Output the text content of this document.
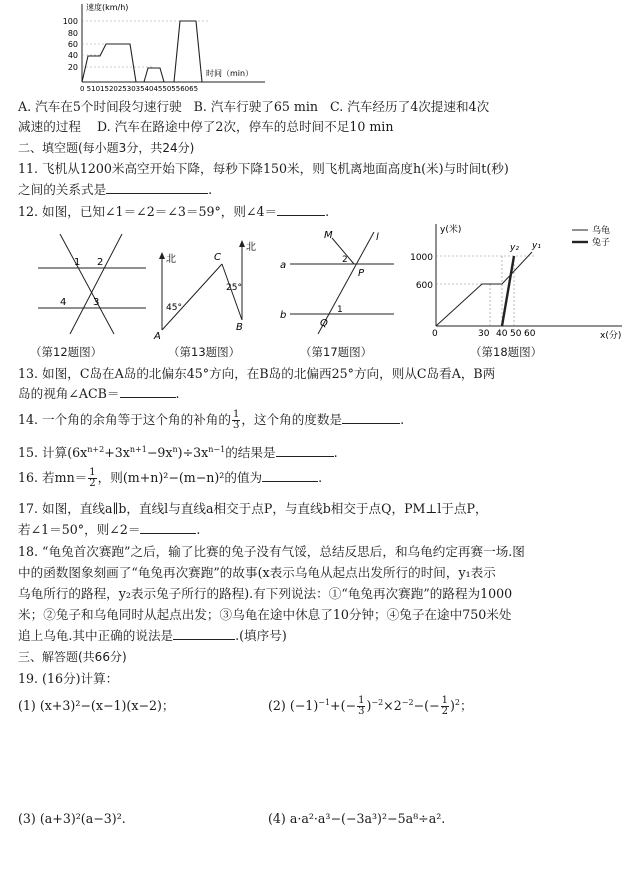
100
80
60
40
20
速度(km/h)
时间（min）
0 5101520253035404550556065
A. 汽车在5个时间段匀速行驶 B. 汽车行驶了65 min C. 汽车经历了4次提速和4次
减速的过程 D. 汽车在路途中停了2次，停车的总时间不足10 min
二、填空题(每小题3分，共24分)
11. 飞机从1200米高空开始下降，每秒下降150米，则飞机离地面高度h(米)与时间t(秒)
之间的关系式是	.
12. 如图，已知∠1＝∠2＝∠3＝59°，则∠4＝	.
1 2
4	3
北
北
45°
25°
A
B
C
a
b
M	l
P
Q
1
2
乌龟
兔子
y(米)
x(分)
1000
600
0	30 40 50 60
y₂ y₁
（第12题图）	（第13题图）	（第17题图）	（第18题图）
13. 如图，C岛在A岛的北偏东45°方向，在B岛的北偏西25°方向，则从C岛看A，B两
岛的视角∠ACB＝	.
14. 一个角的余角等于这个角的补角的 $\frac{1}{3}$ ，这个角的度数是	.
15. 计算$(6x^{n+2}+3x^{n+1}-9x^n)\div 3x^{n-1}$的结果是	.
16. 若$mn= \frac{1}{2}$ ，则(m+n)²−(m−n)²的值为	.
17. 如图，直线a∥b，直线l与直线a相交于点P，与直线b相交于点Q，PM⊥l于点P，
若∠1＝50°，则∠2＝	.
18. “龟兔首次赛跑”之后，输了比赛的兔子没有气馁，总结反思后，和乌龟约定再赛一场.图
中的函数图象刻画了“龟兔再次赛跑”的故事(x表示乌龟从起点出发所行的时间，y₁表示
乌龟所行的路程，y₂表示兔子所行的路程).有下列说法：①“龟兔再次赛跑”的路程为1000
米；②兔子和乌龟同时从起点出发；③乌龟在途中休息了10分钟；④兔子在途中750米处
追上乌龟.其中正确的说法是	.(填序号)
三、解答题(共66分)
19. (16分)计算：
(1) (x+3)²−(x−1)(x−2)；	(2) $(-1)^{-1}+(- \frac{1}{3} )^{-2}\times 2^{-2}-(- \frac{1}{2} )^2$；
(3) (a+3)²(a−3)².	(4) a·a²·a³−(−3a³)²−5a⁸÷a².
